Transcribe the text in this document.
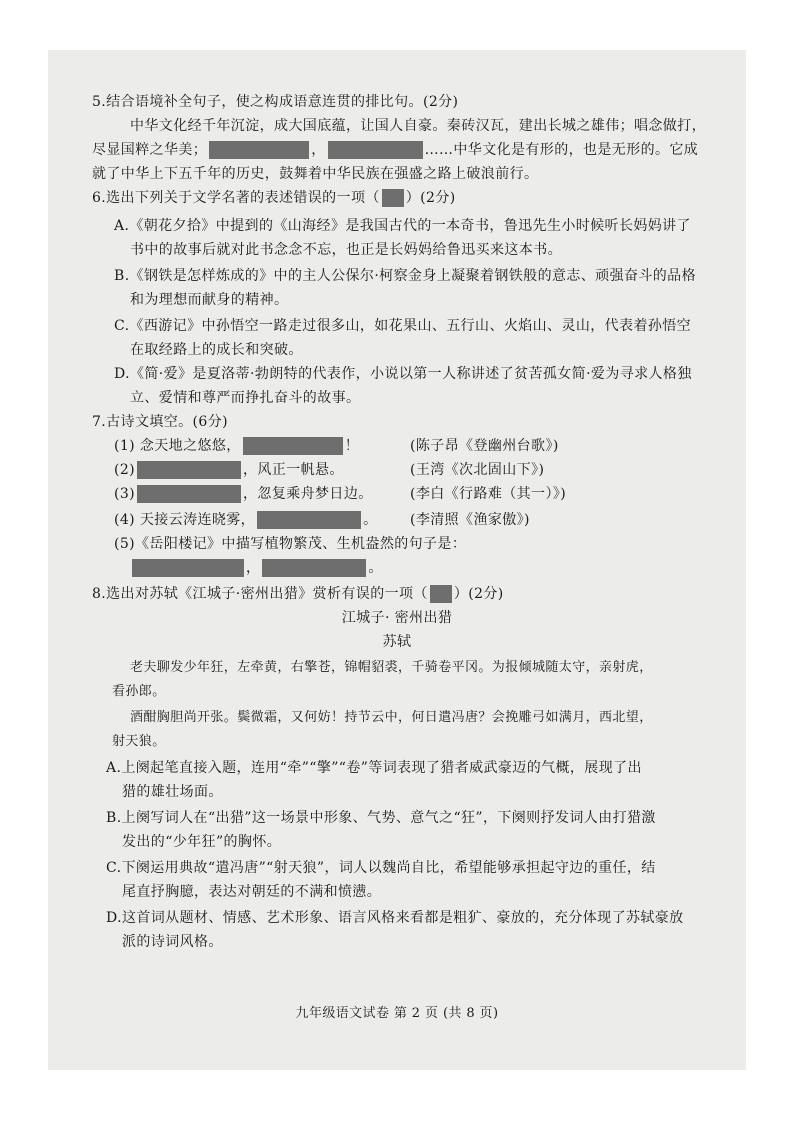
5.结合语境补全句子，使之构成语意连贯的排比句。(2分)
中华文化经千年沉淀，成大国底蕴，让国人自豪。秦砖汉瓦，建出长城之雄伟；唱念做打，
尽显国粹之华美；	，	……中华文化是有形的，也是无形的。它成
就了中华上下五千年的历史，鼓舞着中华民族在强盛之路上破浪前行。
6.选出下列关于文学名著的表述错误的一项（ ）(2分)
A.《朝花夕拾》中提到的《山海经》是我国古代的一本奇书，鲁迅先生小时候听长妈妈讲了
书中的故事后就对此书念念不忘，也正是长妈妈给鲁迅买来这本书。
B.《钢铁是怎样炼成的》中的主人公保尔·柯察金身上凝聚着钢铁般的意志、顽强奋斗的品格
和为理想而献身的精神。
C.《西游记》中孙悟空一路走过很多山，如花果山、五行山、火焰山、灵山，代表着孙悟空
在取经路上的成长和突破。
D.《简·爱》是夏洛蒂·勃朗特的代表作，小说以第一人称讲述了贫苦孤女简·爱为寻求人格独
立、爱情和尊严而挣扎奋斗的故事。
7.古诗文填空。(6分)
(1) 念天地之悠悠，	！	(陈子昂《登幽州台歌》)
(2)	，风正一帆悬。	(王湾《次北固山下》)
(3)	，忽复乘舟梦日边。	(李白《行路难（其一）》)
(4) 天接云涛连晓雾，	。 (李清照《渔家傲》)
(5)《岳阳楼记》中描写植物繁茂、生机盎然的句子是：
，	。
8.选出对苏轼《江城子·密州出猎》赏析有误的一项（ ）(2分)
江城子· 密州出猎
苏轼
老夫聊发少年狂，左牵黄，右擎苍，锦帽貂裘，千骑卷平冈。为报倾城随太守，亲射虎，
看孙郎。
酒酣胸胆尚开张。鬓微霜，又何妨！持节云中，何日遣冯唐？会挽雕弓如满月，西北望，
射天狼。
A.上阕起笔直接入题，连用“牵”“擎”“卷”等词表现了猎者威武豪迈的气概，展现了出
猎的雄壮场面。
B.上阕写词人在“出猎”这一场景中形象、气势、意气之“狂”，下阕则抒发词人由打猎激
发出的“少年狂”的胸怀。
C.下阕运用典故“遣冯唐”“射天狼”，词人以魏尚自比，希望能够承担起守边的重任，结
尾直抒胸臆，表达对朝廷的不满和愤懑。
D.这首词从题材、情感、艺术形象、语言风格来看都是粗犷、豪放的，充分体现了苏轼豪放
派的诗词风格。
九年级语文试卷 第 2 页 (共 8 页)
